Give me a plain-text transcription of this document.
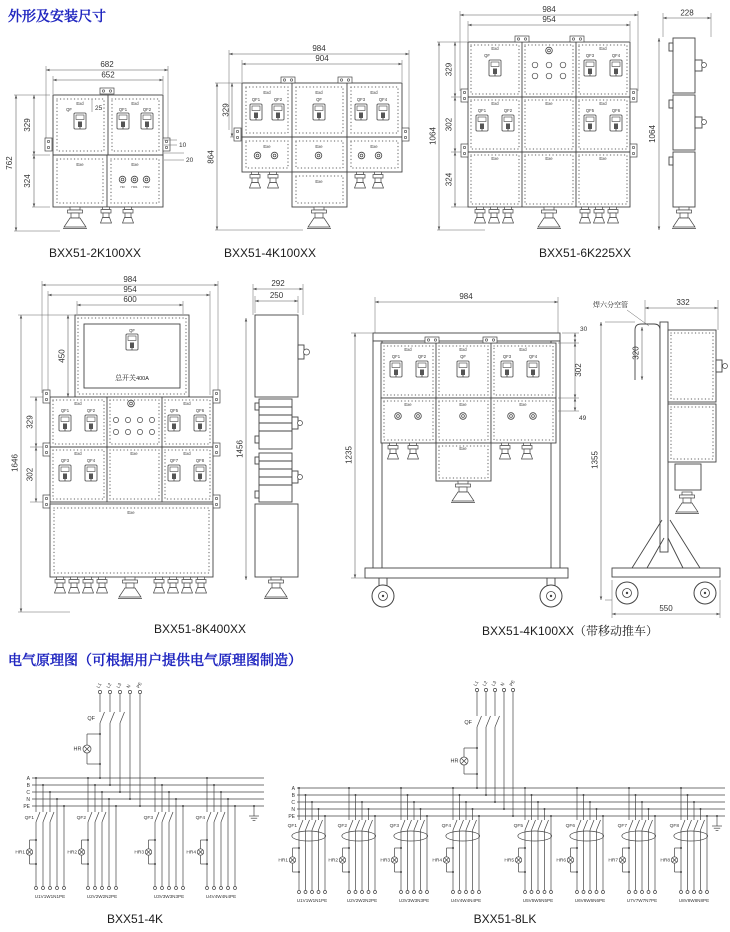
外形及安装尺寸
682
652
762
329
324
Exd
QF
Exd
QF1	QF2
Exe	Exe
HR HR1 HR2
25
10
20
984
904
329
864
Exd	Exd	Exd
QF1	QF2	QF	QF3	QF4
Exe	Exe	Exe
Exe
984
954
329
302
324
1064
Exd
QF
Exd
QF3	QF4
Exd
QF1	QF2
Exe	Exd
QF5	QF6
Exe	Exe	Exe
228
1064
BXX51-2K100XX	BXX51-4K100XX	BXX51-6K225XX
984
954
600
450
329
302
1646
QF
总开关400A
Exd
QF1	QF2
Exd
QF5	QF6
Exd
QF3	QF4
Exe	Exd
QF7	QF8
Exe
292
250
1456
984
Exd	Exd	Exd
QF1	QF2	QF	QF3	QF4
Exe	Exe	Exe
Exe
30
302
49
1235
焊六分空管	332
320
1355
550
BXX51-8K400XX	BXX51-4K100XX（带移动推车）
电气原理图（可根据用户提供电气原理图制造）
L1 L2 L3 N PE
QF
HR
A
B
C
N
PE
QF1
HR1
U1V1W1N1PE
QF2
HR2
U2V2W2N2PE
QF3
HR3
U3V3W3N3PE
QF4
HR4
U4V4W4N4PE
L1 L2 L3 N PE
QF
HR
A
B
C
N
PE
QF1
HR1
U1V1W1N1PE
QF2
HR2
U2V2W2N2PE
QF3
HR3
U3V3W3N3PE
QF4
HR4
U4V4W4N4PE
QF5
HR5
U5V5W5N5PE
QF6
HR6
U6V6W6N6PE
QF7
HR7
U7V7W7N7PE
QF8
HR8
U8V8W8N8PE
BXX51-4K	BXX51-8LK
